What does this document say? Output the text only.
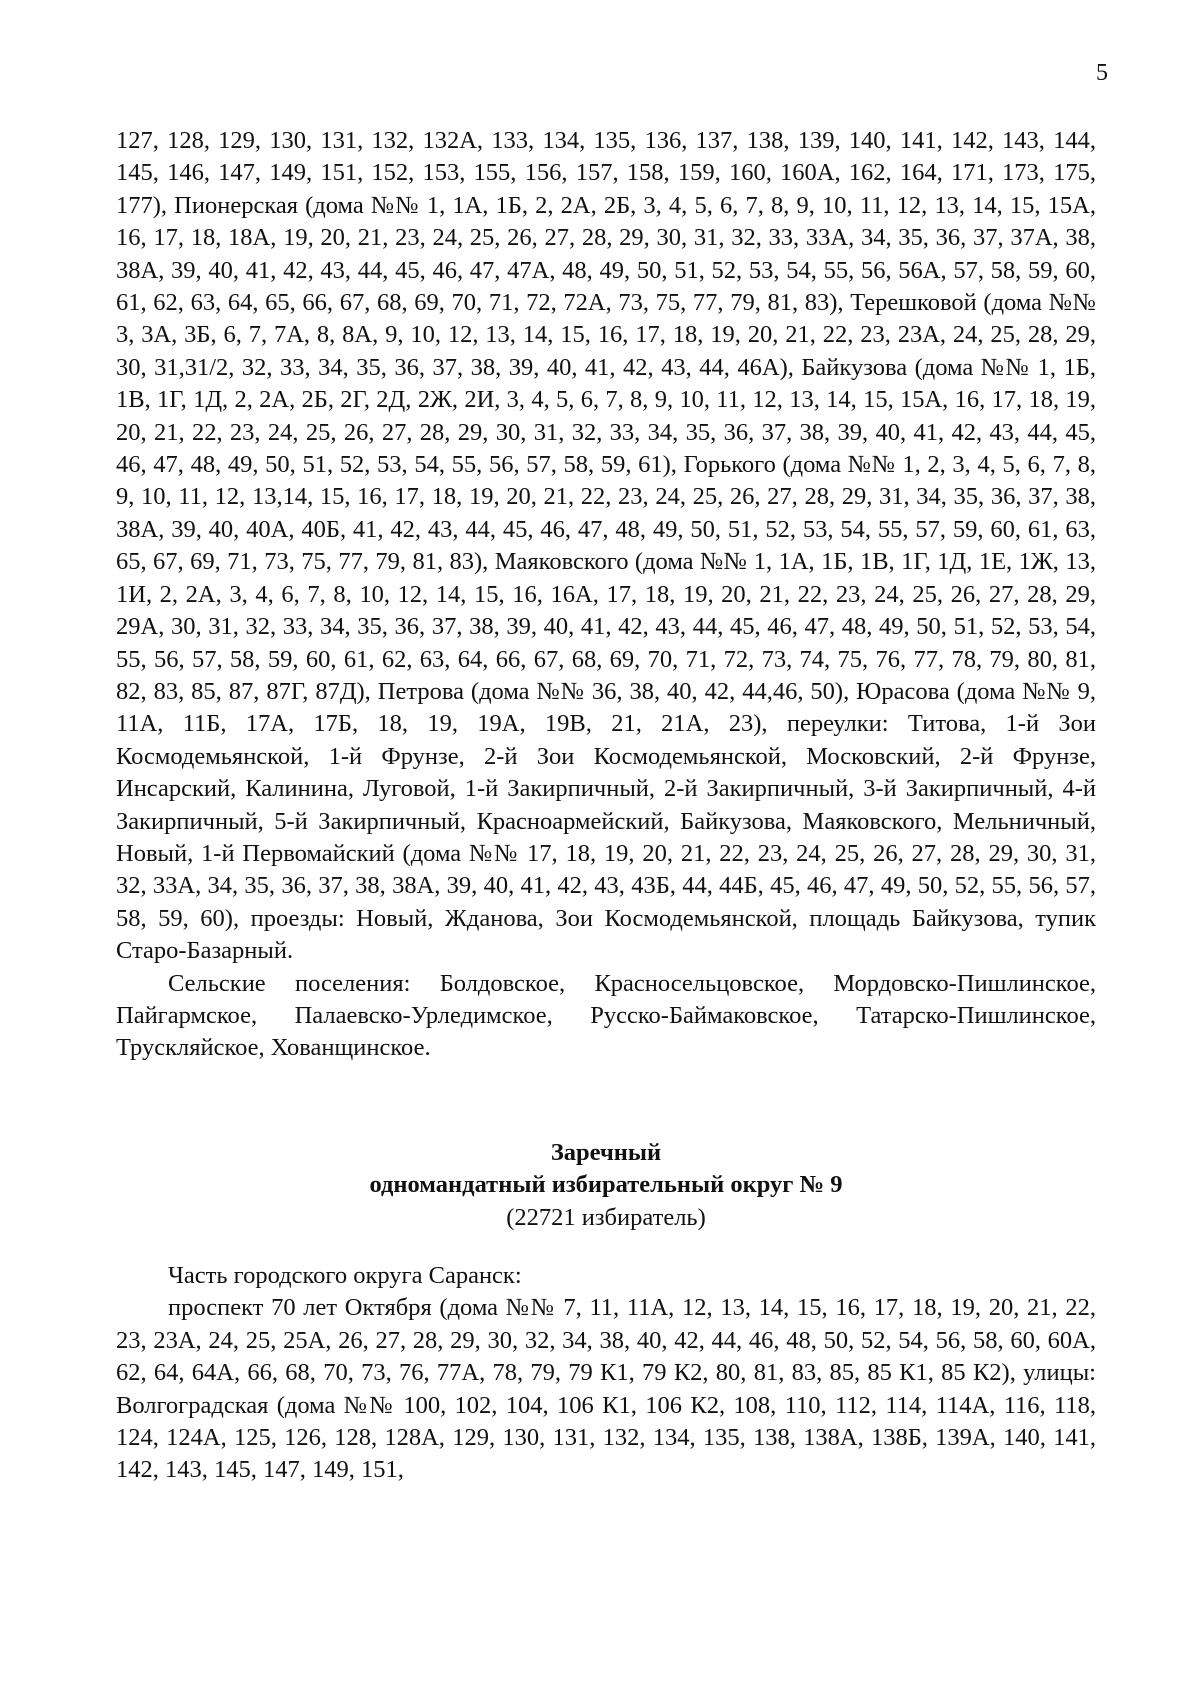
5

127, 128, 129, 130, 131, 132, 132А, 133, 134, 135, 136, 137, 138, 139, 140, 141, 142, 143, 144, 145, 146, 147, 149, 151, 152, 153, 155, 156, 157, 158, 159, 160, 160А, 162, 164, 171, 173, 175, 177), Пионерская (дома №№ 1, 1А, 1Б, 2, 2А, 2Б, 3, 4, 5, 6, 7, 8, 9, 10, 11, 12, 13, 14, 15, 15А, 16, 17, 18, 18А, 19, 20, 21, 23, 24, 25, 26, 27, 28, 29, 30, 31, 32, 33, 33А, 34, 35, 36, 37, 37А, 38, 38А, 39, 40, 41, 42, 43, 44, 45, 46, 47, 47А, 48, 49, 50, 51, 52, 53, 54, 55, 56, 56А, 57, 58, 59, 60, 61, 62, 63, 64, 65, 66, 67, 68, 69, 70, 71, 72, 72А, 73, 75, 77, 79, 81, 83), Терешковой (дома №№ 3, 3А, 3Б, 6, 7, 7А, 8, 8А, 9, 10, 12, 13, 14, 15, 16, 17, 18, 19, 20, 21, 22, 23, 23А, 24, 25, 28, 29, 30, 31,31/2, 32, 33, 34, 35, 36, 37, 38, 39, 40, 41, 42, 43, 44, 46А), Байкузова (дома №№ 1, 1Б, 1В, 1Г, 1Д, 2, 2А, 2Б, 2Г, 2Д, 2Ж, 2И, 3, 4, 5, 6, 7, 8, 9, 10, 11, 12, 13, 14, 15, 15А, 16, 17, 18, 19, 20, 21, 22, 23, 24, 25, 26, 27, 28, 29, 30, 31, 32, 33, 34, 35, 36, 37, 38, 39, 40, 41, 42, 43, 44, 45, 46, 47, 48, 49, 50, 51, 52, 53, 54, 55, 56, 57, 58, 59, 61), Горького (дома №№ 1, 2, 3, 4, 5, 6, 7, 8, 9, 10, 11, 12, 13,14, 15, 16, 17, 18, 19, 20, 21, 22, 23, 24, 25, 26, 27, 28, 29, 31, 34, 35, 36, 37, 38, 38А, 39, 40, 40А, 40Б, 41, 42, 43, 44, 45, 46, 47, 48, 49, 50, 51, 52, 53, 54, 55, 57, 59, 60, 61, 63, 65, 67, 69, 71, 73, 75, 77, 79, 81, 83), Маяковского (дома №№ 1, 1А, 1Б, 1В, 1Г, 1Д, 1Е, 1Ж, 13, 1И, 2, 2А, 3, 4, 6, 7, 8, 10, 12, 14, 15, 16, 16А, 17, 18, 19, 20, 21, 22, 23, 24, 25, 26, 27, 28, 29, 29А, 30, 31, 32, 33, 34, 35, 36, 37, 38, 39, 40, 41, 42, 43, 44, 45, 46, 47, 48, 49, 50, 51, 52, 53, 54, 55, 56, 57, 58, 59, 60, 61, 62, 63, 64, 66, 67, 68, 69, 70, 71, 72, 73, 74, 75, 76, 77, 78, 79, 80, 81, 82, 83, 85, 87, 87Г, 87Д), Петрова (дома №№ 36, 38, 40, 42, 44,46, 50), Юрасова (дома №№ 9, 11А, 11Б, 17А, 17Б, 18, 19, 19А, 19В, 21, 21А, 23), переулки: Титова, 1-й Зои Космодемьянской, 1-й Фрунзе, 2-й Зои Космодемьянской, Московский, 2-й Фрунзе, Инсарский, Калинина, Луговой, 1-й Закирпичный, 2-й Закирпичный, 3-й Закирпичный, 4-й Закирпичный, 5-й Закирпичный, Красноармейский, Байкузова, Маяковского, Мельничный, Новый, 1-й Первомайский (дома №№ 17, 18, 19, 20, 21, 22, 23, 24, 25, 26, 27, 28, 29, 30, 31, 32, 33А, 34, 35, 36, 37, 38, 38А, 39, 40, 41, 42, 43, 43Б, 44, 44Б, 45, 46, 47, 49, 50, 52, 55, 56, 57, 58, 59, 60), проезды: Новый, Жданова, Зои Космодемьянской, площадь Байкузова, тупик Старо-Базарный.

Сельские поселения: Болдовское, Красносельцовское, Мордовско-Пишлинское, Пайгармское, Палаевско-Урледимское, Русско-Баймаковское, Татарско-Пишлинское, Трускляйское, Хованщинское.

Заречный
одномандатный избирательный округ № 9
(22721 избиратель)

Часть городского округа Саранск:

проспект 70 лет Октября (дома №№ 7, 11, 11А, 12, 13, 14, 15, 16, 17, 18, 19, 20, 21, 22, 23, 23А, 24, 25, 25А, 26, 27, 28, 29, 30, 32, 34, 38, 40, 42, 44, 46, 48, 50, 52, 54, 56, 58, 60, 60А, 62, 64, 64А, 66, 68, 70, 73, 76, 77А, 78, 79, 79 К1, 79 К2, 80, 81, 83, 85, 85 К1, 85 К2), улицы: Волгоградская (дома №№ 100, 102, 104, 106 К1, 106 К2, 108, 110, 112, 114, 114А, 116, 118, 124, 124А, 125, 126, 128, 128А, 129, 130, 131, 132, 134, 135, 138, 138А, 138Б, 139А, 140, 141, 142, 143, 145, 147, 149, 151,
